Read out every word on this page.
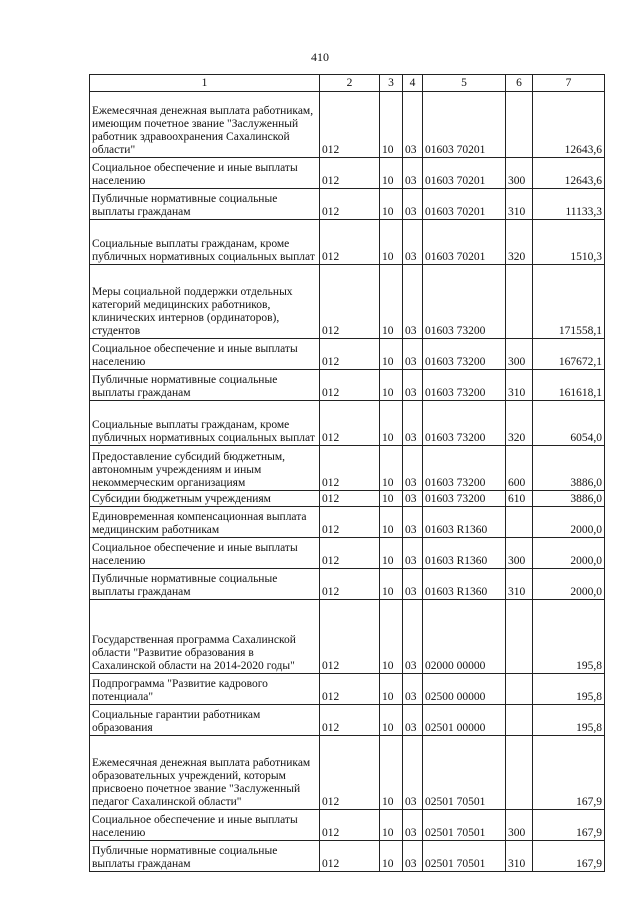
410
1	2	3	4	5	6	7
Ежемесячная денежная выплата работникам, имеющим почетное звание "Заслуженный работник здравоохранения Сахалинской области"	012	10	03	01603 70201		12643,6
Социальное обеспечение и иные выплаты населению	012	10	03	01603 70201	300	12643,6
Публичные нормативные социальные выплаты гражданам	012	10	03	01603 70201	310	11133,3
Социальные выплаты гражданам, кроме публичных нормативных социальных выплат	012	10	03	01603 70201	320	1510,3
Меры социальной поддержки отдельных категорий медицинских работников, клинических интернов (ординаторов), студентов	012	10	03	01603 73200		171558,1
Социальное обеспечение и иные выплаты населению	012	10	03	01603 73200	300	167672,1
Публичные нормативные социальные выплаты гражданам	012	10	03	01603 73200	310	161618,1
Социальные выплаты гражданам, кроме публичных нормативных социальных выплат	012	10	03	01603 73200	320	6054,0
Предоставление субсидий бюджетным, автономным учреждениям и иным некоммерческим организациям	012	10	03	01603 73200	600	3886,0
Субсидии бюджетным учреждениям	012	10	03	01603 73200	610	3886,0
Единовременная компенсационная выплата медицинским работникам	012	10	03	01603 R1360		2000,0
Социальное обеспечение и иные выплаты населению	012	10	03	01603 R1360	300	2000,0
Публичные нормативные социальные выплаты гражданам	012	10	03	01603 R1360	310	2000,0
Государственная программа Сахалинской области "Развитие образования в Сахалинской области на 2014-2020 годы"	012	10	03	02000 00000		195,8
Подпрограмма "Развитие кадрового потенциала"	012	10	03	02500 00000		195,8
Социальные гарантии работникам образования	012	10	03	02501 00000		195,8
Ежемесячная денежная выплата работникам образовательных учреждений, которым присвоено почетное звание "Заслуженный педагог Сахалинской области"	012	10	03	02501 70501		167,9
Социальное обеспечение и иные выплаты населению	012	10	03	02501 70501	300	167,9
Публичные нормативные социальные выплаты гражданам	012	10	03	02501 70501	310	167,9
